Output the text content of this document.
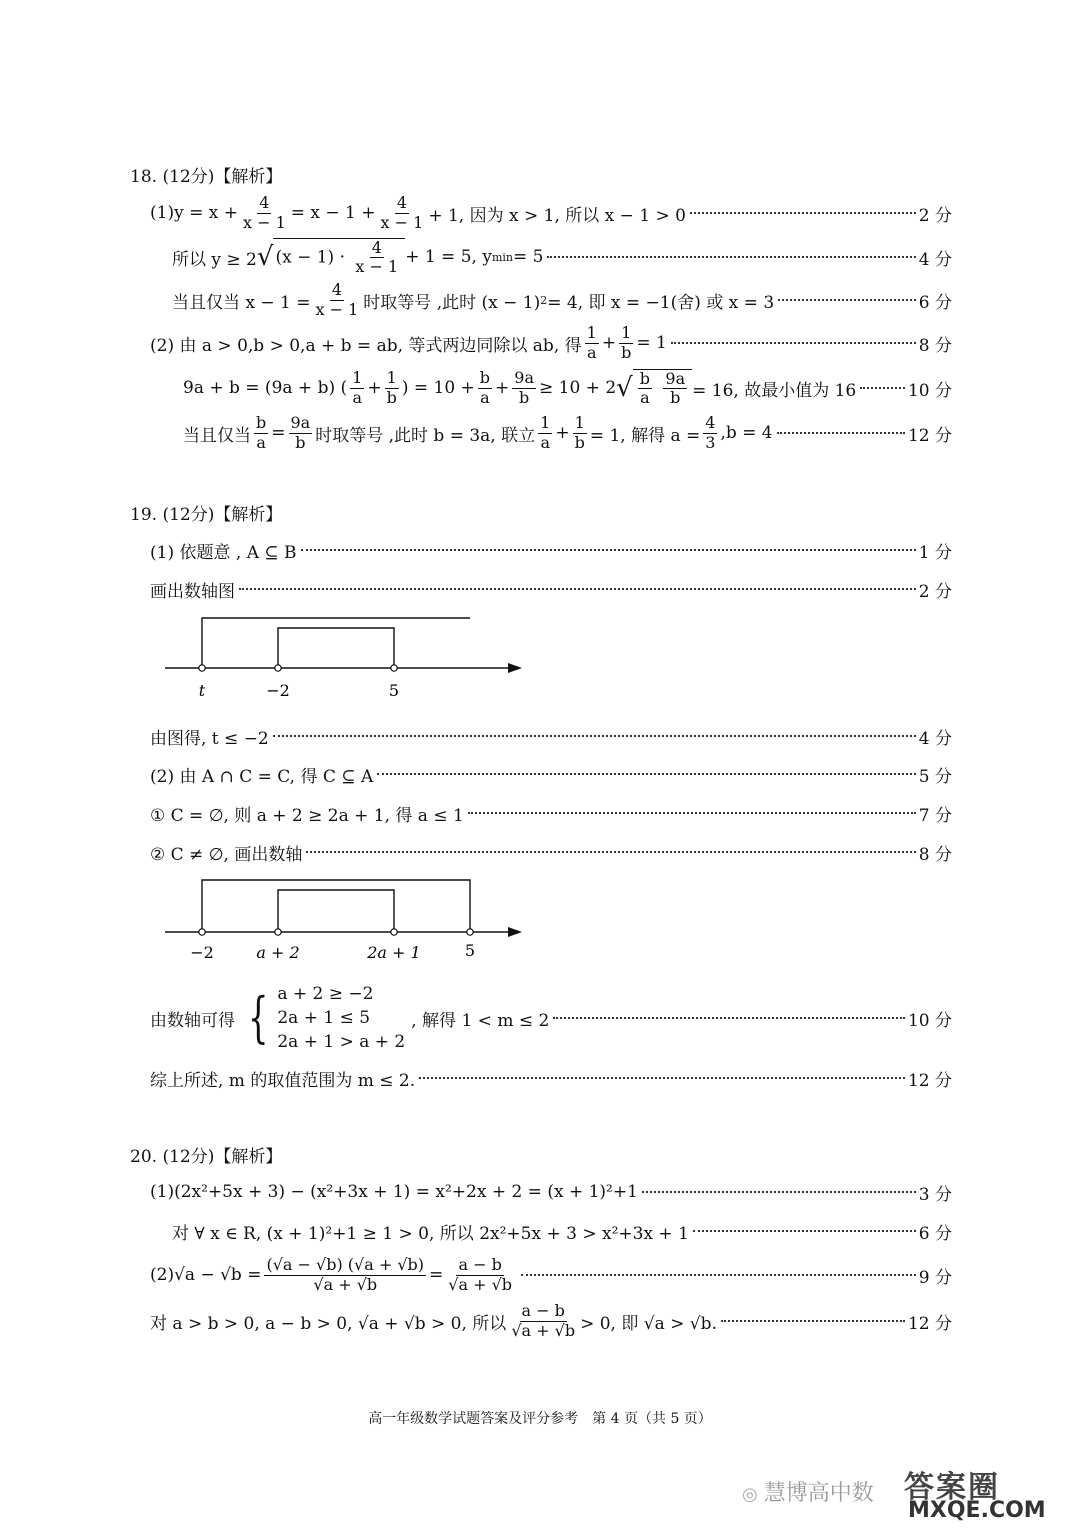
18. (12分)【解析】
$(1)y = x + \frac{4}{x - 1} = x - 1 + \frac{4}{x - 1} + 1$, 因为 x > 1, 所以 x − 1 > 0	2 分
所以 y ≥ 2 √ $(x - 1) \cdot \frac{4}{x - 1} + 1 = 5$, y min = 5	4 分
当且仅当 $x - 1 = \frac{4}{x - 1}$ 时取等号 ,此时 (x − 1) 2 = 4, 即 x = −1(舍) 或 x = 3	6 分
(2) 由 a > 0,b > 0,a + b = ab, 等式两边同除以 ab, 得 $\frac{1}{a} + \frac{1}{b} = 1$	8 分
9a + b = (9a + b) ( $\frac{1}{a} + \frac{1}{b}$ ) = $10 + \frac{b}{a} + \frac{9a}{b} \ge 10 + 2$ √ $\frac{b}{a}$
$\frac{9a}{b} = 16$, 故最小值为 16	10 分
当且仅当 $\frac{b}{a} = \frac{9a}{b}$ 时取等号 ,此时 b = 3a, 联立 $\frac{1}{a} + \frac{1}{b} = 1$, 解得 $a = \frac{4}{3} ,b = 4$	12 分
19. (12分)【解析】
(1) 依题意 , A ⊆ B	1 分
画出数轴图	2 分
t	−2	5
由图得, t ≤ −2	4 分
(2) 由 A ∩ C = C, 得 C ⊆ A	5 分
① C = ∅, 则 a + 2 ≥ 2a + 1, 得 a ≤ 1	7 分
② C ≠ ∅, 画出数轴	8 分
−2	a + 2	2a + 1	5
由数轴可得 { a + 2 ≥ −2
2a + 1 ≤ 5
2a + 1 > a + 2
, 解得 1 < m ≤ 2	10 分
综上所述, m 的取值范围为 m ≤ 2.	12 分
20. (12分)【解析】
(1)(2x²+5x + 3) − (x²+3x + 1) = x²+2x + 2 = (x + 1)²+1	3 分
对 ∀ x ∈ R, (x + 1)²+1 ≥ 1 > 0, 所以 2x²+5x + 3 > x²+3x + 1	6 分
$(2)√a - √b = \frac{(√a - √b) (√a + √b)}{√a + √b} = \frac{a - b}{√a + √b}$	9 分
对 a > b > 0, a − b > 0, √a + √b > 0, 所以 $\frac{a - b}{√a + √b} > 0$, 即 √a > √b.	12 分
高一年级数学试题答案及评分参考　第 4 页（共 5 页）
◎ 慧博高中数 答案圈
MXQE.COM
